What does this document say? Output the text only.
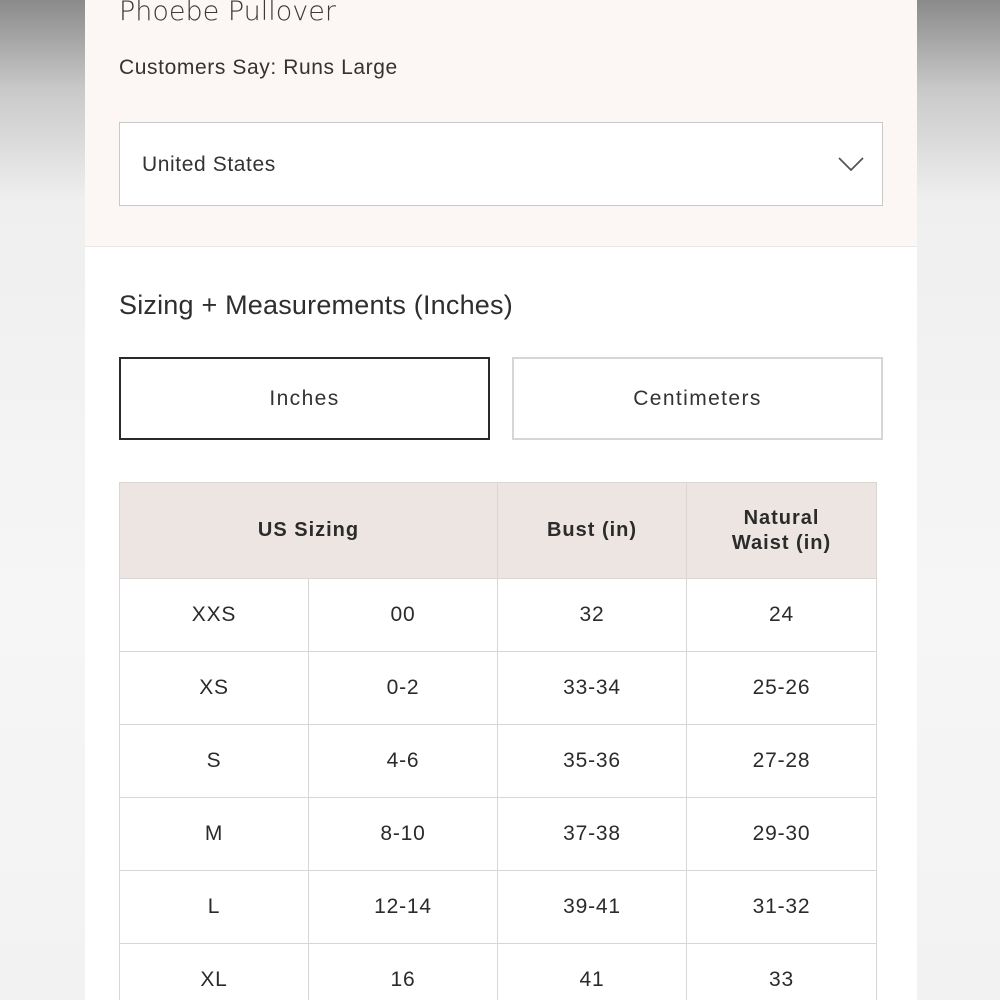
Phoebe Pullover
Customers Say: Runs Large
United States
Sizing + Measurements (Inches)
Inches	Centimeters
US Sizing		Bust (in)	Natural
Waist (in)
XXS	00	32	24
XS	0-2	33-34	25-26
S	4-6	35-36	27-28
M	8-10	37-38	29-30
L	12-14	39-41	31-32
XL	16	41	33
